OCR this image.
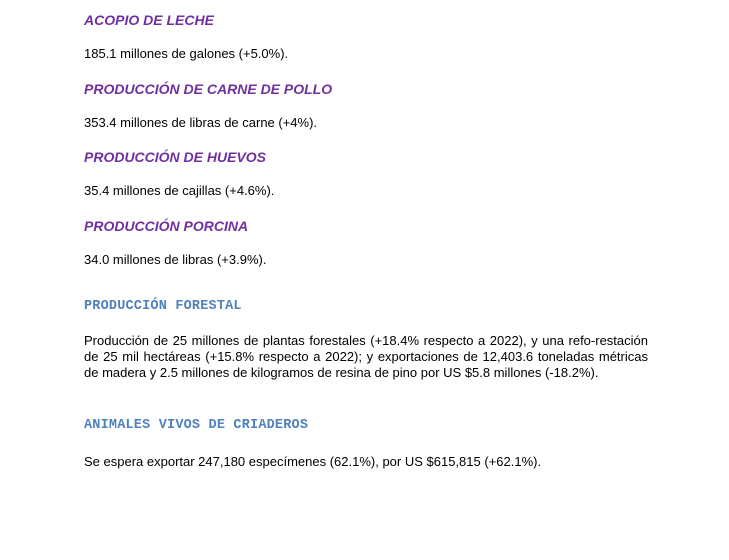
ACOPIO DE LECHE

185.1 millones de galones (+5.0%).

PRODUCCIÓN DE CARNE DE POLLO

353.4 millones de libras de carne (+4%).

PRODUCCIÓN DE HUEVOS

35.4 millones de cajillas (+4.6%).

PRODUCCIÓN PORCINA

34.0 millones de libras (+3.9%).

PRODUCCIÓN FORESTAL

Producción de 25 millones de plantas forestales (+18.4% respecto a 2022), y una refo-restación de 25 mil hectáreas (+15.8% respecto a 2022); y exportaciones de 12,403.6 toneladas métricas de madera y 2.5 millones de kilogramos de resina de pino por US $5.8 millones (-18.2%).

ANIMALES VIVOS DE CRIADEROS

Se espera exportar 247,180 especímenes (62.1%), por US $615,815 (+62.1%).
